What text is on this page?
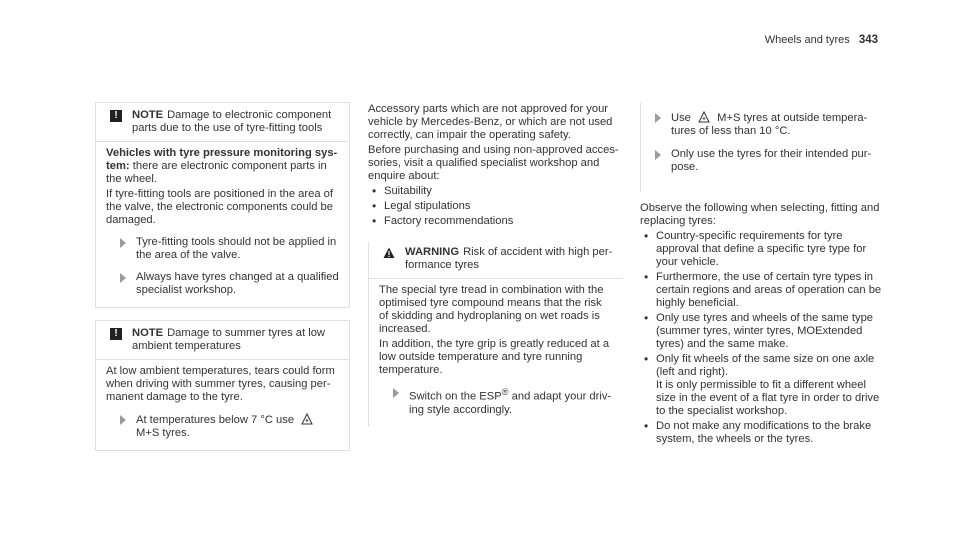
Wheels and tyres 343
!	NOTE Damage to electronic component parts due to the use of tyre-fitting tools

Vehicles with tyre pressure monitoring sys- tem: there are electronic component parts in the wheel.

If tyre-fitting tools are positioned in the area of the valve, the electronic components could be damaged.

Tyre-fitting tools should not be applied in the area of the valve.
Always have tyres changed at a qualified specialist workshop.
!	NOTE Damage to summer tyres at low ambient temperatures

At low ambient temperatures, tears could form when driving with summer tyres, causing per- manent damage to the tyre.

At temperatures below 7 °C use
M+S tyres.

Accessory parts which are not approved for your vehicle by Mercedes-Benz, or which are not used correctly, can impair the operating safety.

Before purchasing and using non-approved acces- sories, visit a qualified specialist workshop and enquire about:

• Suitability
• Legal stipulations
• Factory recommendations
WARNING Risk of accident with high per- formance tyres

The special tyre tread in combination with the optimised tyre compound means that the risk of skidding and hydroplaning on wet roads is increased.

In addition, the tyre grip is greatly reduced at a low outside temperature and tyre running temperature.

Switch on the ESP® and adapt your driv- ing style accordingly.
Use M+S tyres at outside tempera- tures of less than 10 °C.
Only use the tyres for their intended pur- pose.

Observe the following when selecting, fitting and replacing tyres:

• Country-specific requirements for tyre approval that define a specific tyre type for your vehicle.
• Furthermore, the use of certain tyre types in certain regions and areas of operation can be highly beneficial.
• Only use tyres and wheels of the same type (summer tyres, winter tyres, MOExtended tyres) and the same make.
• Only fit wheels of the same size on one axle (left and right).
It is only permissible to fit a different wheel size in the event of a flat tyre in order to drive to the specialist workshop.
• Do not make any modifications to the brake system, the wheels or the tyres.
